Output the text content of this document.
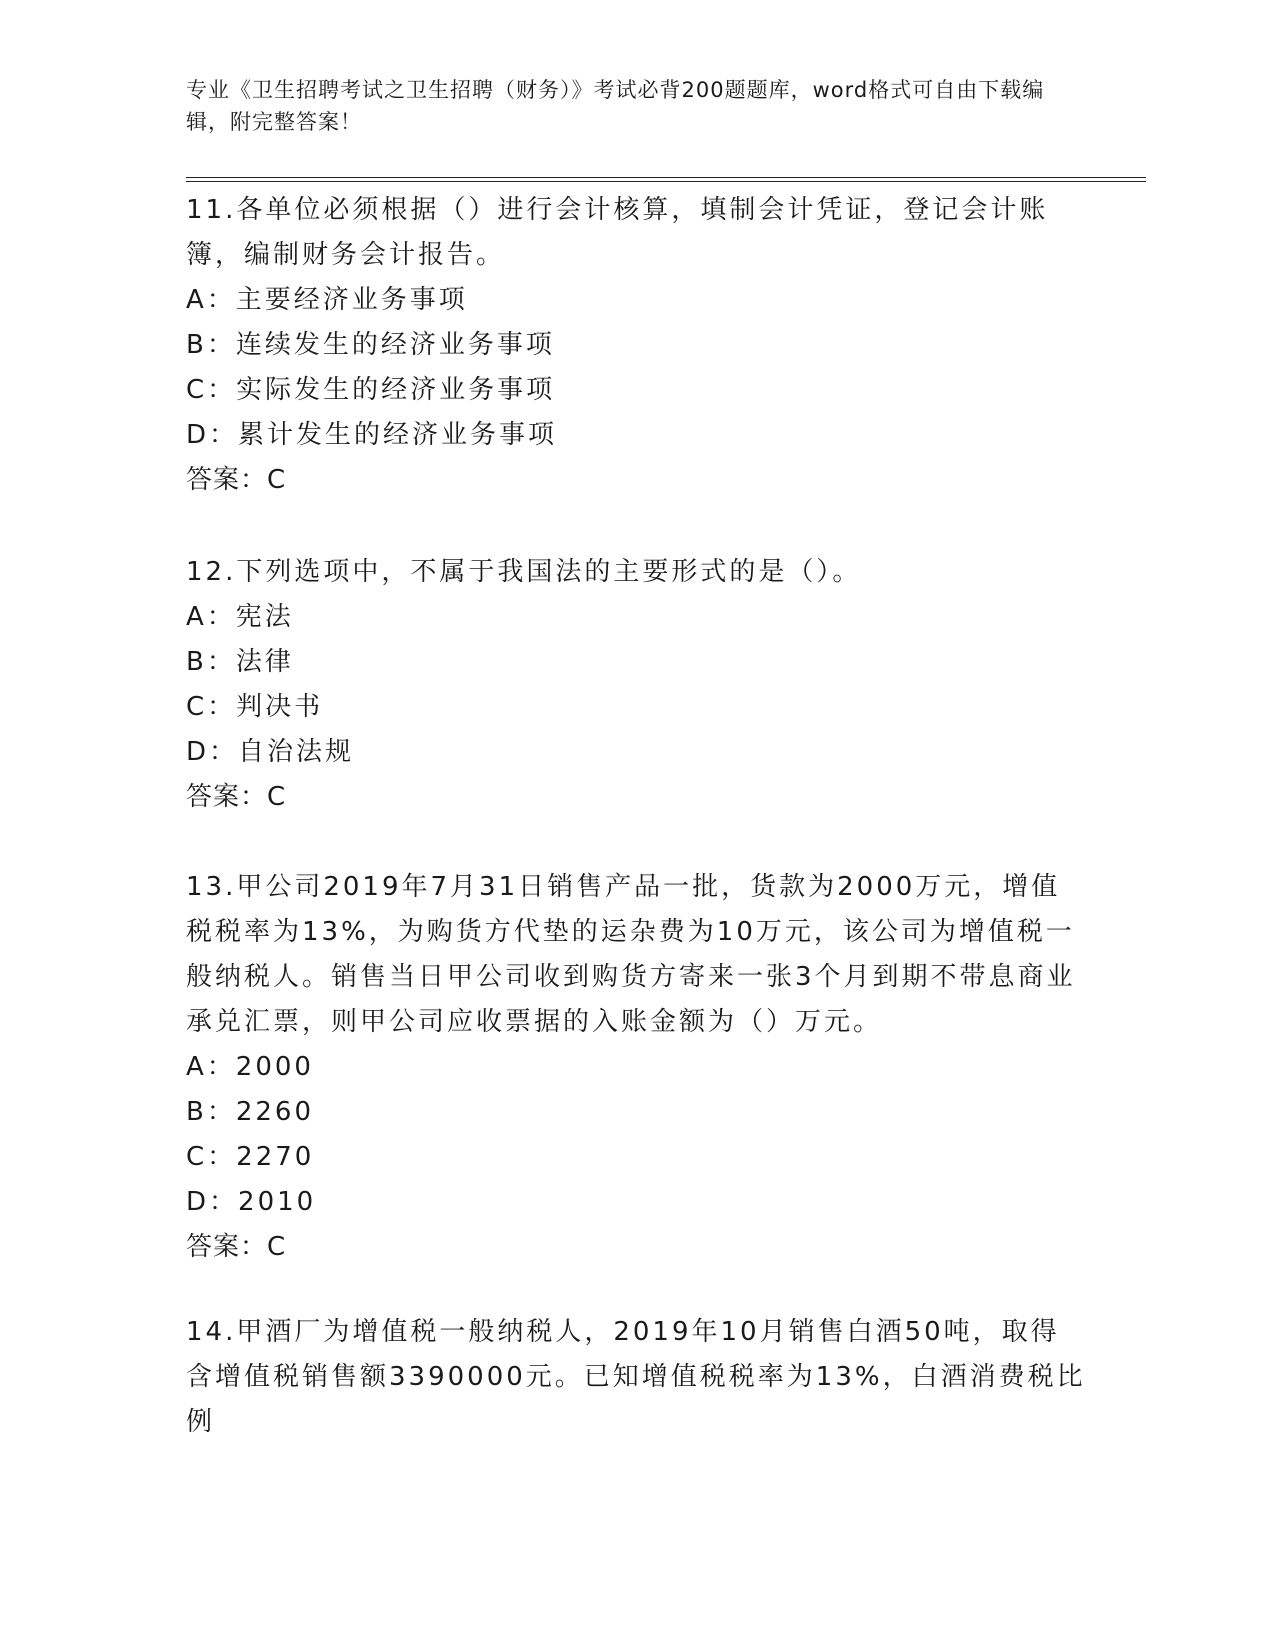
专业《卫生招聘考试之卫生招聘（财务）》考试必背200题题库，word格式可自由下载编辑，附完整答案！

11.各单位必须根据（）进行会计核算，填制会计凭证，登记会计账簿，编制财务会计报告。

A：主要经济业务事项

B：连续发生的经济业务事项

C：实际发生的经济业务事项

D：累计发生的经济业务事项

答案：C

12.下列选项中，不属于我国法的主要形式的是（）。

A：宪法

B：法律

C：判决书

D：自治法规

答案：C

13.甲公司2019年7月31日销售产品一批，货款为2000万元，增值税税率为13%，为购货方代垫的运杂费为10万元，该公司为增值税一般纳税人。销售当日甲公司收到购货方寄来一张3个月到期不带息商业承兑汇票，则甲公司应收票据的入账金额为（）万元。

A：2000

B：2260

C：2270

D：2010

答案：C

14.甲酒厂为增值税一般纳税人，2019年10月销售白酒50吨，取得含增值税销售额3390000元。已知增值税税率为13%，白酒消费税比例
